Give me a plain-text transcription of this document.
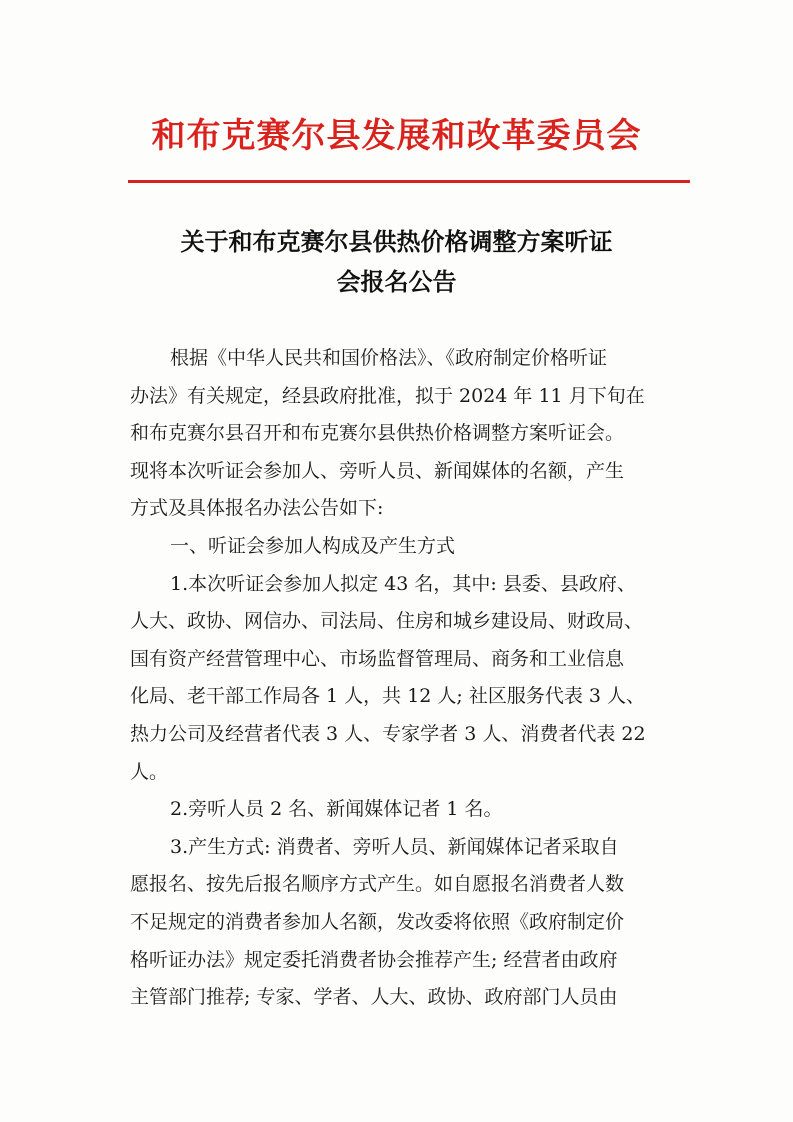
和布克赛尔县发展和改革委员会
关于和布克赛尔县供热价格调整方案听证
会报名公告
根据《中华人民共和国价格法》、《政府制定价格听证
办法》有关规定，经县政府批准，拟于 2024 年 11 月下旬在
和布克赛尔县召开和布克赛尔县供热价格调整方案听证会。
现将本次听证会参加人、旁听人员、新闻媒体的名额，产生
方式及具体报名办法公告如下:
一、听证会参加人构成及产生方式
1.本次听证会参加人拟定 43 名，其中: 县委、县政府、
人大、政协、网信办、司法局、住房和城乡建设局、财政局、
国有资产经营管理中心、市场监督管理局、商务和工业信息
化局、老干部工作局各 1 人，共 12 人; 社区服务代表 3 人、
热力公司及经营者代表 3 人、专家学者 3 人、消费者代表 22
人。
2.旁听人员 2 名、新闻媒体记者 1 名。
3.产生方式: 消费者、旁听人员、新闻媒体记者采取自
愿报名、按先后报名顺序方式产生。如自愿报名消费者人数
不足规定的消费者参加人名额，发改委将依照《政府制定价
格听证办法》规定委托消费者协会推荐产生; 经营者由政府
主管部门推荐; 专家、学者、人大、政协、政府部门人员由
